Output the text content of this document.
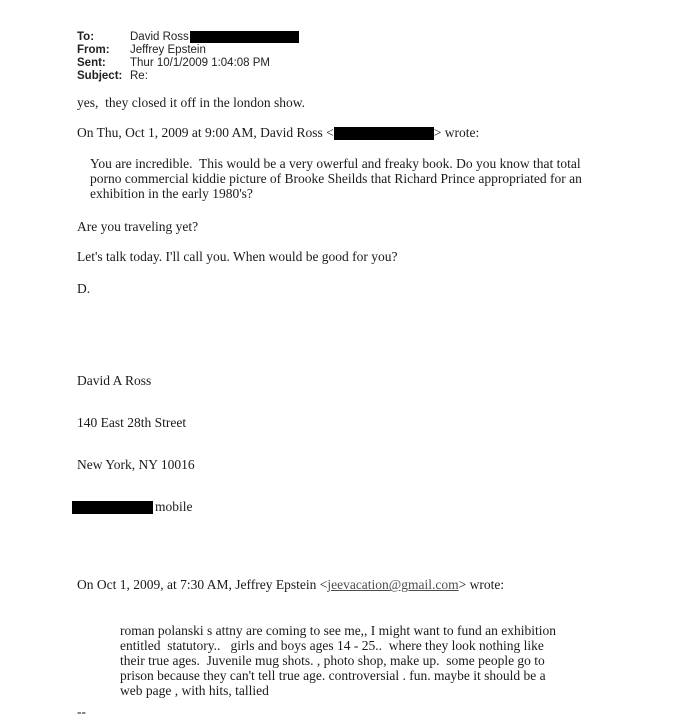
To:	David Ross
From:	Jeffrey Epstein
Sent:	Thur 10/1/2009 1:04:08 PM
Subject: Re:

yes,  they closed it off in the london show.

On Thu, Oct 1, 2009 at 9:00 AM, David Ross <	> wrote:

You are incredible.  This would be a very owerful and freaky book. Do you know that total porno commercial kiddie picture of Brooke Sheilds that Richard Prince appropriated for an exhibition in the early 1980's?

Are you traveling yet?

Let's talk today. I'll call you. When would be good for you?

D.

David A Ross

140 East 28th Street

New York, NY 10016

mobile

On Oct 1, 2009, at 7:30 AM, Jeffrey Epstein <jeevacation@gmail.com> wrote:

roman polanski s attny are coming to see me,, I might want to fund an exhibition entitled  statutory..   girls and boys ages 14 - 25..  where they look nothing like their true ages.  Juvenile mug shots. , photo shop, make up.  some people go to prison because they can't tell true age. controversial . fun. maybe it should be a web page , with hits, tallied

--
